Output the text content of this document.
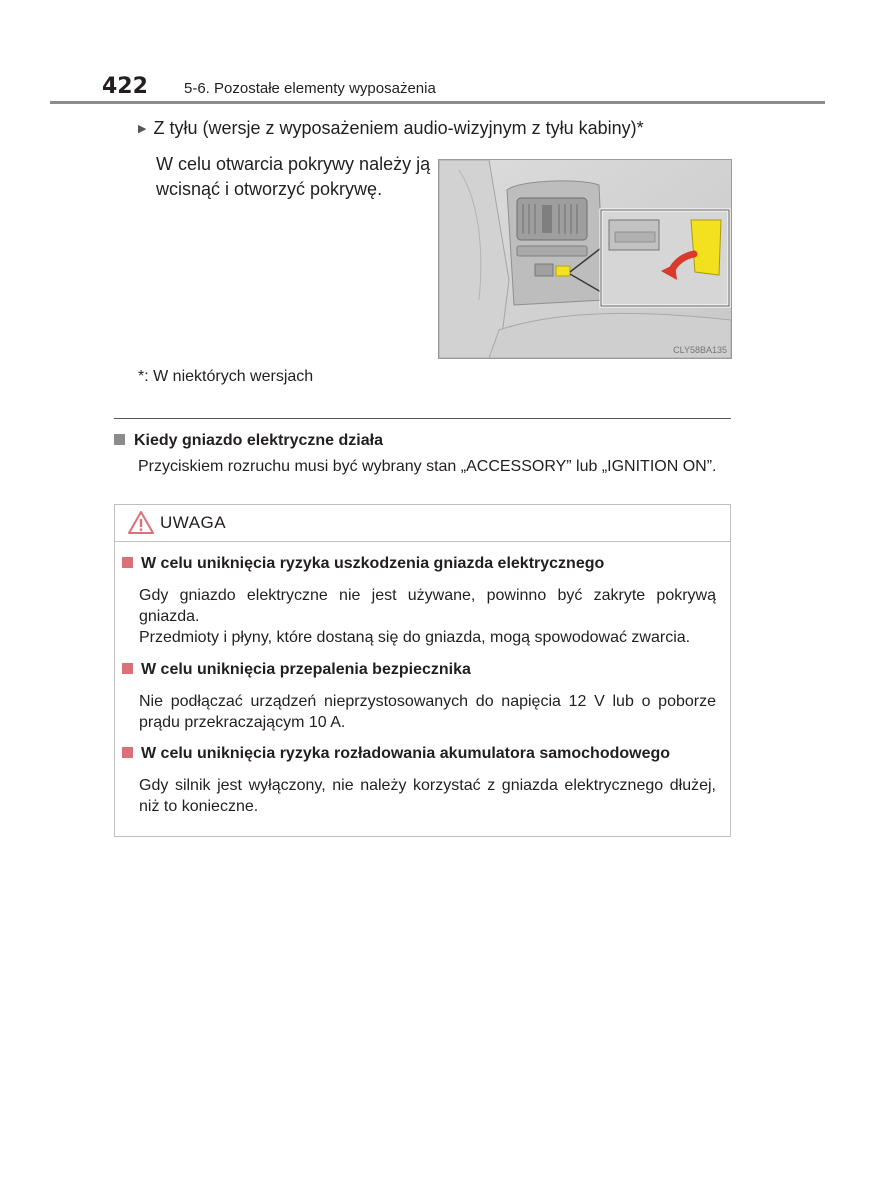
422 5-6. Pozostałe elementy wyposażenia
▶ Z tyłu (wersje z wyposażeniem audio-wizyjnym z tyłu kabiny)*
W celu otwarcia pokrywy należy ją wcisnąć i otworzyć pokrywę.
CLY58BA135
*: W niektórych wersjach
Kiedy gniazdo elektryczne działa
Przyciskiem rozruchu musi być wybrany stan „ACCESSORY” lub „IGNITION ON”.
UWAGA
W celu uniknięcia ryzyka uszkodzenia gniazda elektrycznego
Gdy gniazdo elektryczne nie jest używane, powinno być zakryte pokrywą gniazda.
Przedmioty i płyny, które dostaną się do gniazda, mogą spowodować zwarcia.
W celu uniknięcia przepalenia bezpiecznika
Nie podłączać urządzeń nieprzystosowanych do napięcia 12 V lub o poborze prądu przekraczającym 10 A.
W celu uniknięcia ryzyka rozładowania akumulatora samochodowego
Gdy silnik jest wyłączony, nie należy korzystać z gniazda elektrycznego dłużej, niż to konieczne.
